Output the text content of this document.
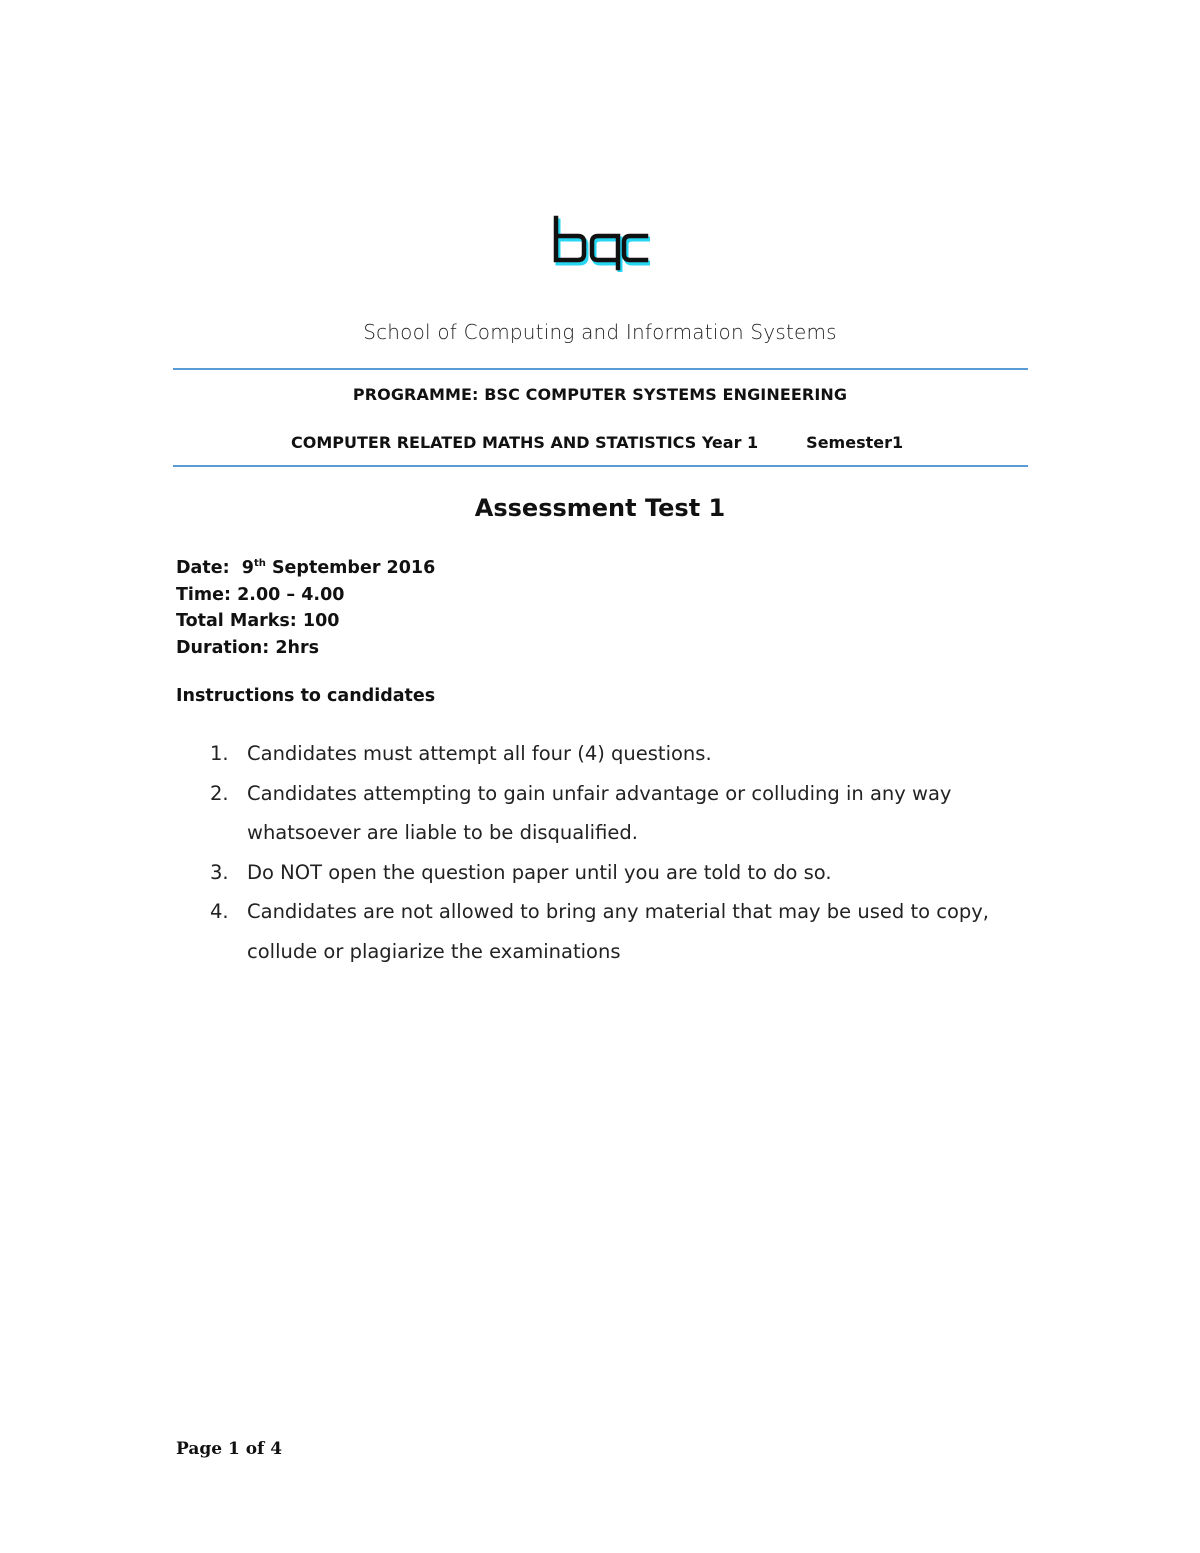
School of Computing and Information Systems
PROGRAMME: BSC COMPUTER SYSTEMS ENGINEERING
COMPUTER RELATED MATHS AND STATISTICS Year 1	Semester1
Assessment Test 1
Date: 9th September 2016
Time: 2.00 – 4.00
Total Marks: 100
Duration: 2hrs
Instructions to candidates
1. Candidates must attempt all four (4) questions.
2. Candidates attempting to gain unfair advantage or colluding in any way whatsoever are liable to be disqualified.
3. Do NOT open the question paper until you are told to do so.
4. Candidates are not allowed to bring any material that may be used to copy, collude or plagiarize the examinations
Page 1 of 4
